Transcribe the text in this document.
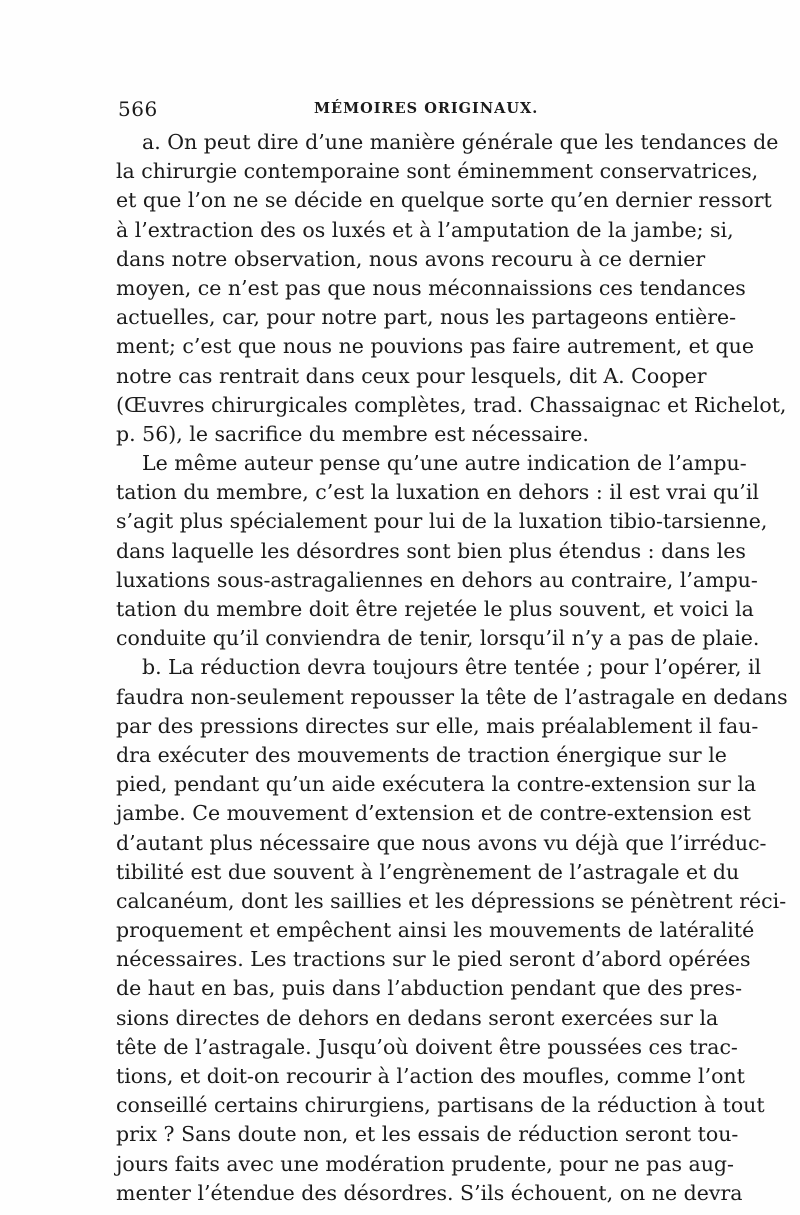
566	MÉMOIRES ORIGINAUX.
a. On peut dire d’une manière générale que les tendances de
la chirurgie contemporaine sont éminemment conservatrices,
et que l’on ne se décide en quelque sorte qu’en dernier ressort
à l’extraction des os luxés et à l’amputation de la jambe; si,
dans notre observation, nous avons recouru à ce dernier
moyen, ce n’est pas que nous méconnaissions ces tendances
actuelles, car, pour notre part, nous les partageons entière-
ment; c’est que nous ne pouvions pas faire autrement, et que
notre cas rentrait dans ceux pour lesquels, dit A. Cooper
(Œuvres chirurgicales complètes, trad. Chassaignac et Richelot,
p. 56), le sacrifice du membre est nécessaire.
Le même auteur pense qu’une autre indication de l’ampu-
tation du membre, c’est la luxation en dehors : il est vrai qu’il
s’agit plus spécialement pour lui de la luxation tibio-tarsienne,
dans laquelle les désordres sont bien plus étendus : dans les
luxations sous-astragaliennes en dehors au contraire, l’ampu-
tation du membre doit être rejetée le plus souvent, et voici la
conduite qu’il conviendra de tenir, lorsqu’il n’y a pas de plaie.
b. La réduction devra toujours être tentée ; pour l’opérer, il
faudra non-seulement repousser la tête de l’astragale en dedans
par des pressions directes sur elle, mais préalablement il fau-
dra exécuter des mouvements de traction énergique sur le
pied, pendant qu’un aide exécutera la contre-extension sur la
jambe. Ce mouvement d’extension et de contre-extension est
d’autant plus nécessaire que nous avons vu déjà que l’irréduc-
tibilité est due souvent à l’engrènement de l’astragale et du
calcanéum, dont les saillies et les dépressions se pénètrent réci-
proquement et empêchent ainsi les mouvements de latéralité
nécessaires. Les tractions sur le pied seront d’abord opérées
de haut en bas, puis dans l’abduction pendant que des pres-
sions directes de dehors en dedans seront exercées sur la
tête de l’astragale. Jusqu’où doivent être poussées ces trac-
tions, et doit-on recourir à l’action des moufles, comme l’ont
conseillé certains chirurgiens, partisans de la réduction à tout
prix ? Sans doute non, et les essais de réduction seront tou-
jours faits avec une modération prudente, pour ne pas aug-
menter l’étendue des désordres. S’ils échouent, on ne devra
